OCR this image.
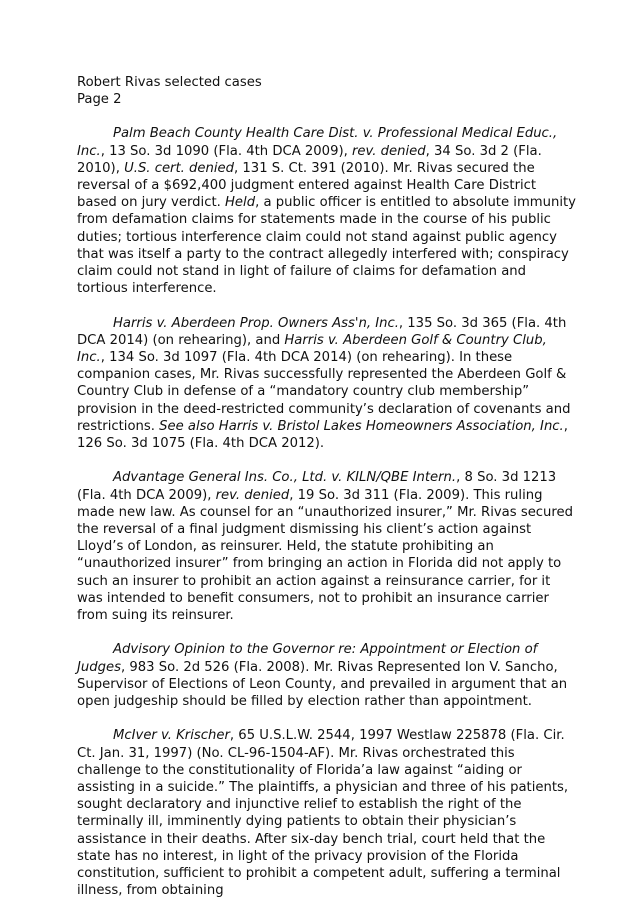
Robert Rivas selected cases
Page 2

Palm Beach County Health Care Dist. v. Professional Medical Educ., Inc., 13 So. 3d 1090 (Fla. 4th DCA 2009), rev. denied, 34 So. 3d 2 (Fla. 2010), U.S. cert. denied, 131 S. Ct. 391 (2010). Mr. Rivas secured the reversal of a $692,400 judgment entered against Health Care District based on jury verdict. Held, a public officer is entitled to absolute immunity from defamation claims for statements made in the course of his public duties; tortious interference claim could not stand against public agency that was itself a party to the contract allegedly interfered with; conspiracy claim could not stand in light of failure of claims for defamation and tortious interference.

Harris v. Aberdeen Prop. Owners Ass'n, Inc., 135 So. 3d 365 (Fla. 4th DCA 2014) (on rehearing), and Harris v. Aberdeen Golf & Country Club, Inc., 134 So. 3d 1097 (Fla. 4th DCA 2014) (on rehearing). In these companion cases, Mr. Rivas successfully represented the Aberdeen Golf & Country Club in defense of a “mandatory country club membership” provision in the deed-restricted community’s declaration of covenants and restrictions. See also Harris v. Bristol Lakes Homeowners Association, Inc., 126 So. 3d 1075 (Fla. 4th DCA 2012).

Advantage General Ins. Co., Ltd. v. KILN/QBE Intern., 8 So. 3d 1213 (Fla. 4th DCA 2009), rev. denied, 19 So. 3d 311 (Fla. 2009). This ruling made new law. As counsel for an “unauthorized insurer,” Mr. Rivas secured the reversal of a final judgment dismissing his client’s action against Lloyd’s of London, as reinsurer. Held, the statute prohibiting an “unauthorized insurer” from bringing an action in Florida did not apply to such an insurer to prohibit an action against a reinsurance carrier, for it was intended to benefit consumers, not to prohibit an insurance carrier from suing its reinsurer.

Advisory Opinion to the Governor re: Appointment or Election of Judges, 983 So. 2d 526 (Fla. 2008). Mr. Rivas Represented Ion V. Sancho, Supervisor of Elections of Leon County, and prevailed in argument that an open judgeship should be filled by election rather than appointment.

McIver v. Krischer, 65 U.S.L.W. 2544, 1997 Westlaw 225878 (Fla. Cir. Ct. Jan. 31, 1997) (No. CL-96-1504-AF). Mr. Rivas orchestrated this challenge to the constitutionality of Florida’a law against “aiding or assisting in a suicide.” The plaintiffs, a physician and three of his patients, sought declaratory and injunctive relief to establish the right of the terminally ill, imminently dying patients to obtain their physician’s assistance in their deaths. After six-day bench trial, court held that the state has no interest, in light of the privacy provision of the Florida constitution, sufficient to prohibit a competent adult, suffering a terminal illness, from obtaining
